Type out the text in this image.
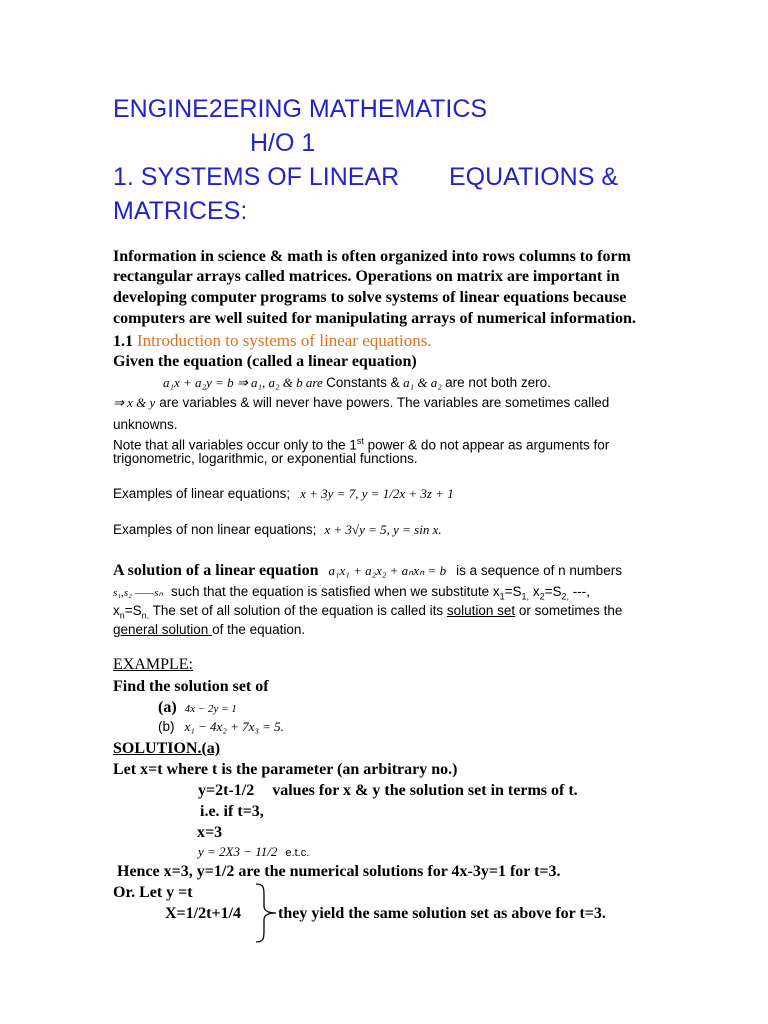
ENGINE2ERING MATHEMATICS
H/O 1
1. SYSTEMS OF LINEAR EQUATIONS &
MATRICES:
Information in science & math is often organized into rows columns to form
rectangular arrays called matrices. Operations on matrix are important in
developing computer programs to solve systems of linear equations because
computers are well suited for manipulating arrays of numerical information.
1.1 Introduction to systems of linear equations.
Given the equation (called a linear equation)
a₁x + a₂y = b ⇒ a₁, a₂ & b are Constants & a₁ & a₂ are not both zero.
⇒ x & y are variables & will never have powers. The variables are sometimes called
unknowns.
Note that all variables occur only to the 1st power & do not appear as arguments for
trigonometric, logarithmic, or exponential functions.
Examples of linear equations; x + 3y = 7, y = 1/2x + 3z + 1
Examples of non linear equations; x + 3√y = 5, y = sin x.
A solution of a linear equation a₁x₁ + a₂x₂ + aₙxₙ = b is a sequence of n numbers
s₁,s₂ ——sₙ such that the equation is satisfied when we substitute $x_1=S_{1,}$ $x_2=S_{2,}$ ---,
$x_n=S_{n.}$ The set of all solution of the equation is called its solution set or sometimes the
general solution of the equation.
EXAMPLE:
Find the solution set of
(a) 4x − 2y = 1
(b) x₁ − 4x₂ + 7x₃ = 5.
SOLUTION.(a)
Let x=t where t is the parameter (an arbitrary no.)
y=2t-1/2 values for x & y the solution set in terms of t.
i.e. if t=3,
x=3
y = 2X3 − 11/2 e.t.c.
Hence x=3, y=1/2 are the numerical solutions for 4x-3y=1 for t=3.
Or. Let y =t
X=1/2t+1/4 they yield the same solution set as above for t=3.
